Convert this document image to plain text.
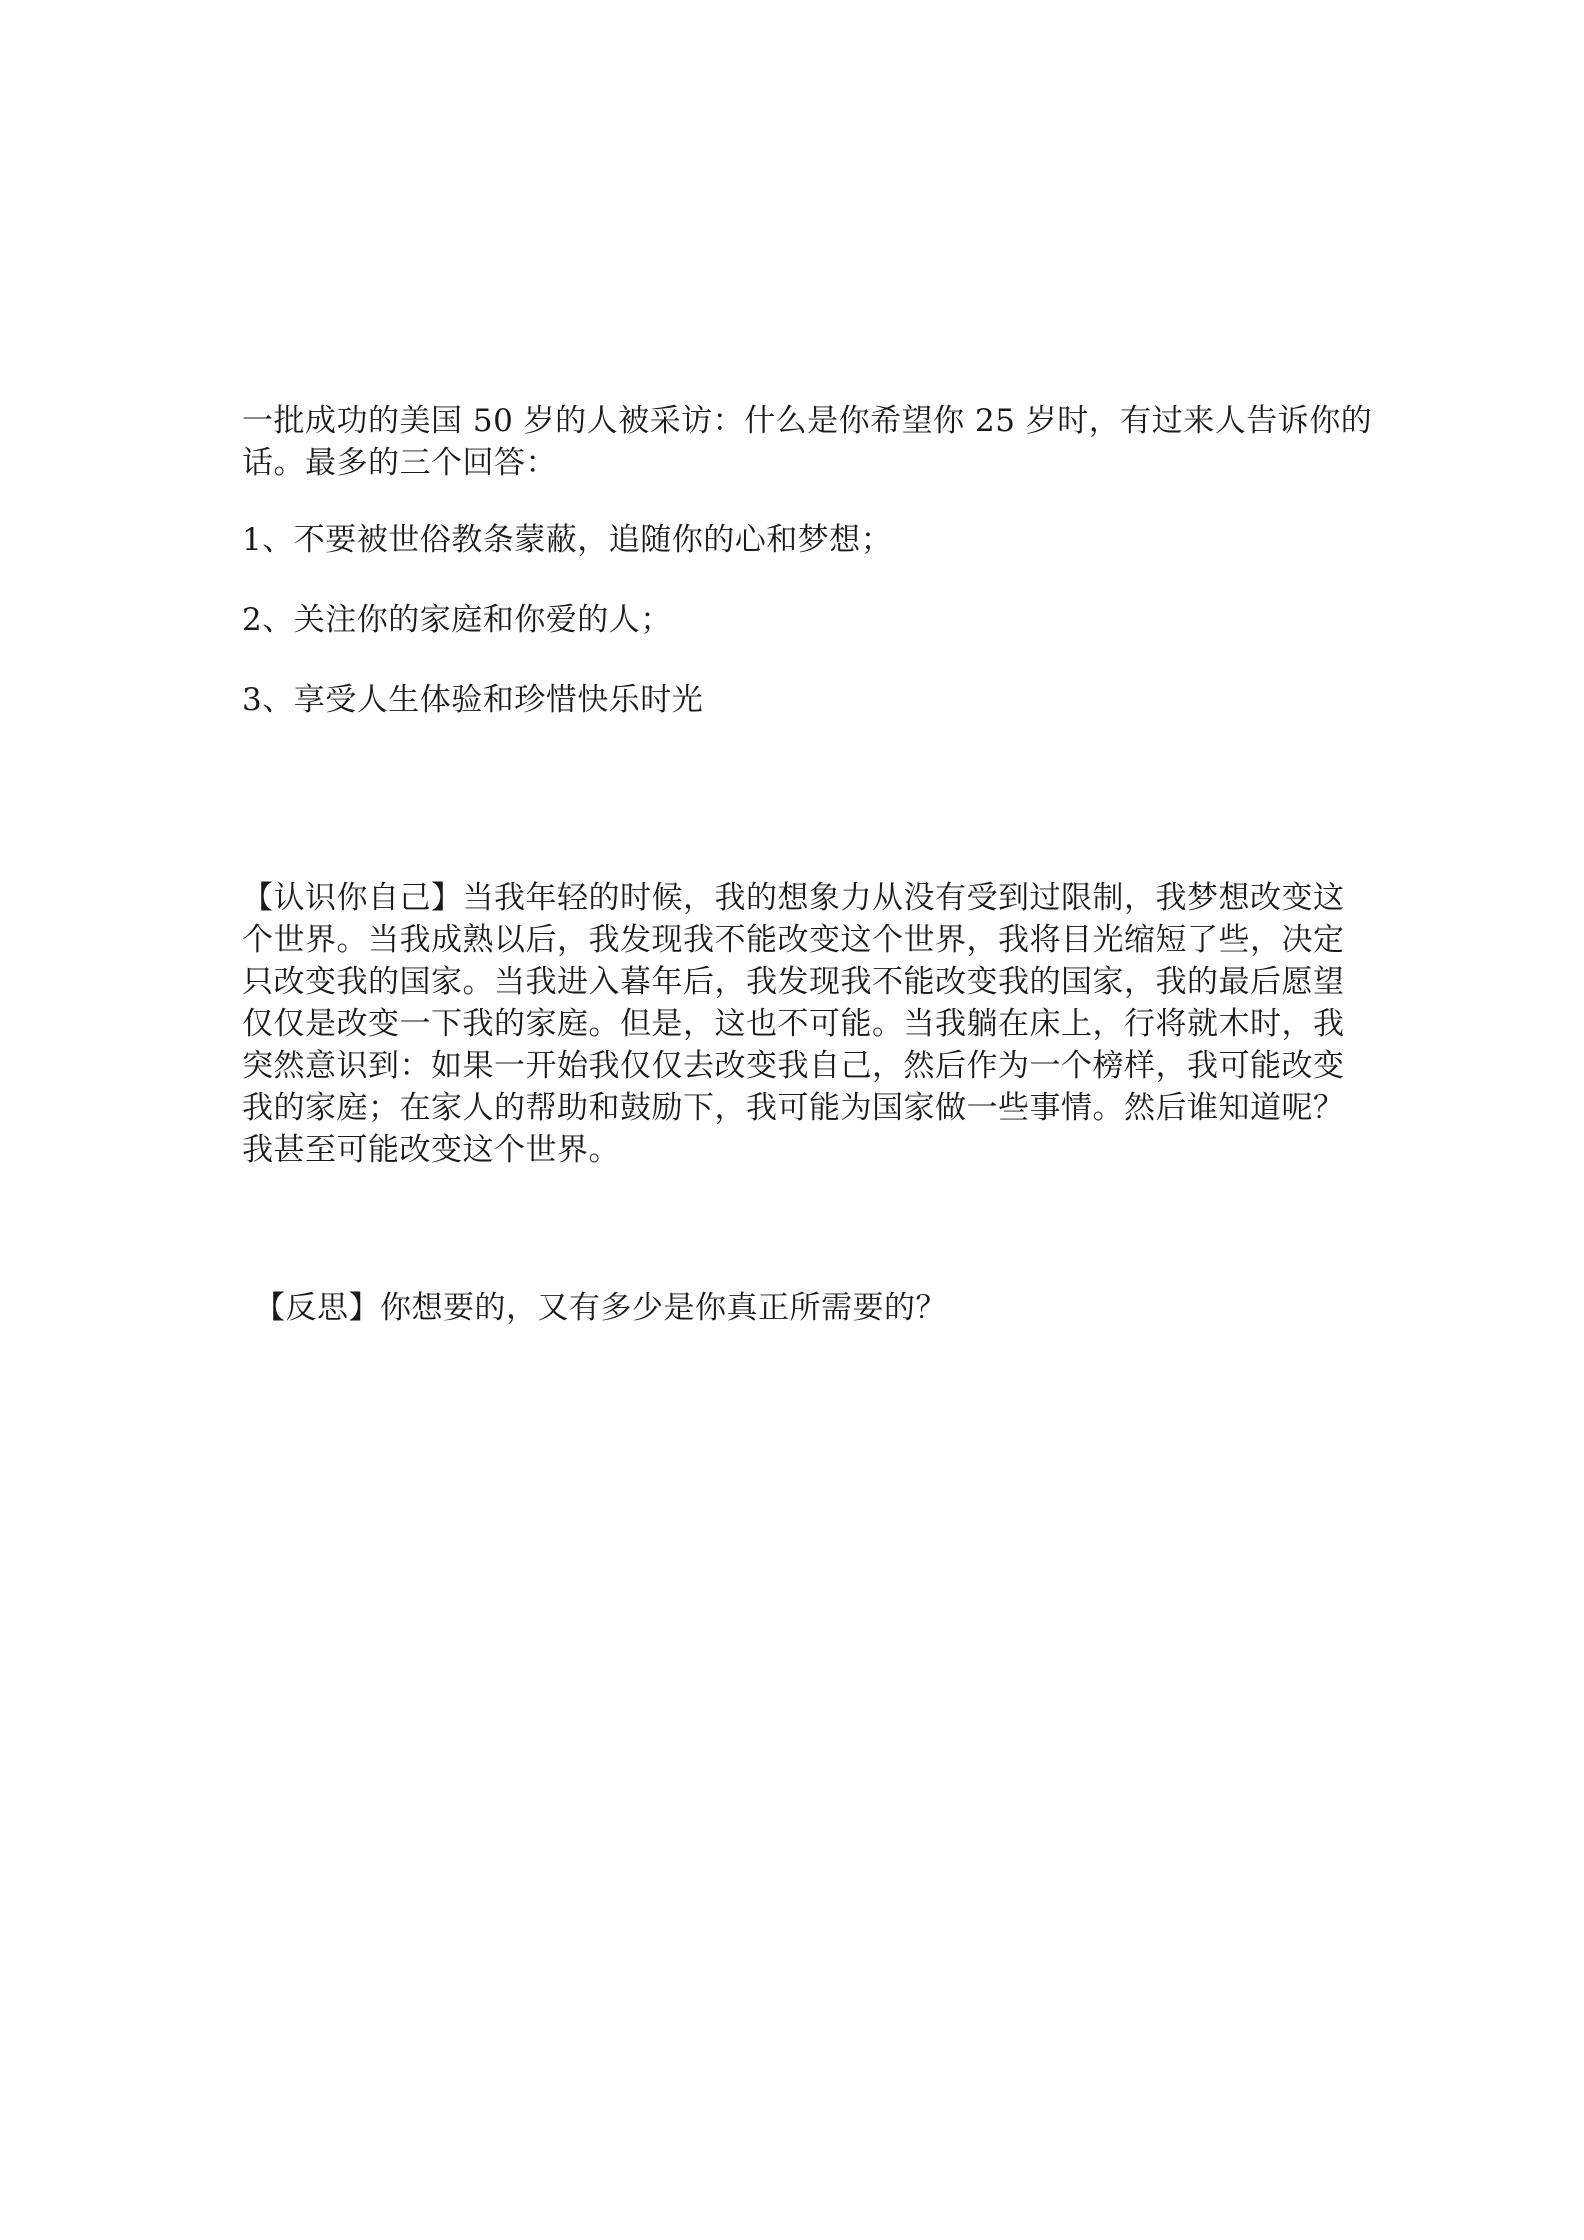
一批成功的美国 50 岁的人被采访：什么是你希望你 25 岁时，有过来人告诉你的
话。最多的三个回答：
1、不要被世俗教条蒙蔽，追随你的心和梦想；
2、关注你的家庭和你爱的人；
3、享受人生体验和珍惜快乐时光
【认识你自己】当我年轻的时候，我的想象力从没有受到过限制，我梦想改变这
个世界。当我成熟以后，我发现我不能改变这个世界，我将目光缩短了些，决定
只改变我的国家。当我进入暮年后，我发现我不能改变我的国家，我的最后愿望
仅仅是改变一下我的家庭。但是，这也不可能。当我躺在床上，行将就木时，我
突然意识到：如果一开始我仅仅去改变我自己，然后作为一个榜样，我可能改变
我的家庭；在家人的帮助和鼓励下，我可能为国家做一些事情。然后谁知道呢？
我甚至可能改变这个世界。
【反思】你想要的，又有多少是你真正所需要的？
